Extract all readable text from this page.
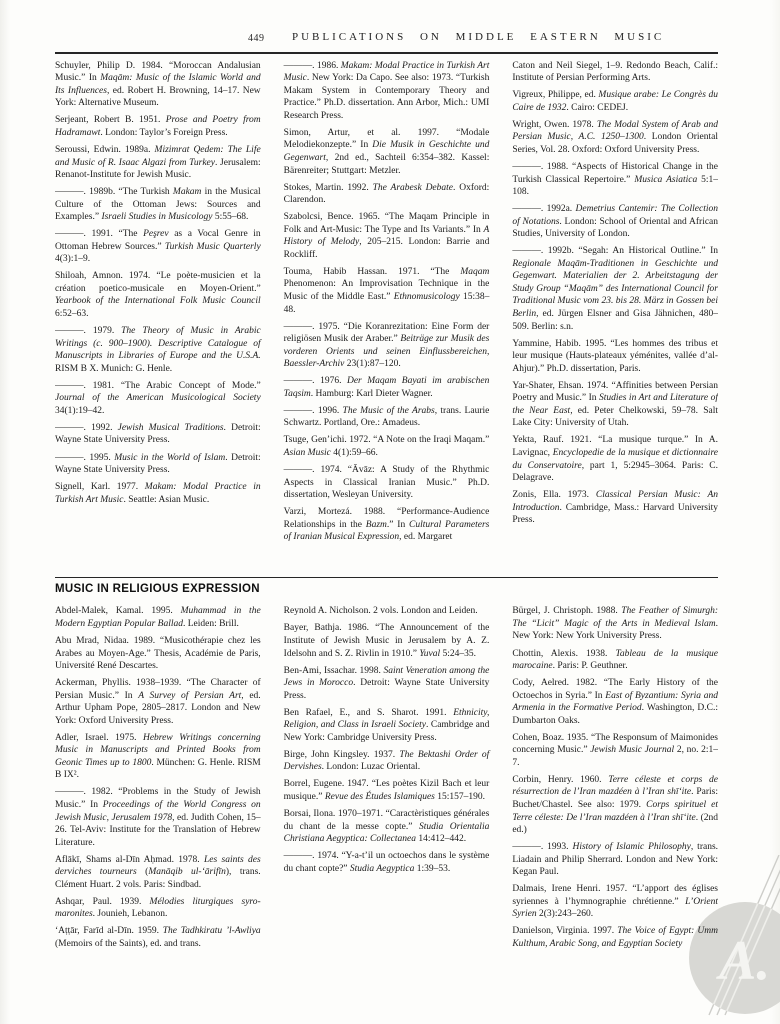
449	PUBLICATIONS ON MIDDLE EASTERN MUSIC

Schuyler, Philip D. 1984. “Moroccan Andalusian Music.” In Maqām: Music of the Islamic World and Its Influences, ed. Robert H. Browning, 14–17. New York: Alternative Museum.

Serjeant, Robert B. 1951. Prose and Poetry from Hadramawt. London: Taylor’s Foreign Press.

Seroussi, Edwin. 1989a. Mizimrat Qedem: The Life and Music of R. Isaac Algazi from Turkey. Jerusalem: Renanot-Institute for Jewish Music.

———. 1989b. “The Turkish Makam in the Musical Culture of the Ottoman Jews: Sources and Examples.” Israeli Studies in Musicology 5:55–68.

———. 1991. “The Peşrev as a Vocal Genre in Ottoman Hebrew Sources.” Turkish Music Quarterly 4(3):1–9.

Shiloah, Amnon. 1974. “Le poète-musicien et la création poetico-musicale en Moyen-Orient.” Yearbook of the International Folk Music Council 6:52–63.

———. 1979. The Theory of Music in Arabic Writings (c. 900–1900). Descriptive Catalogue of Manuscripts in Libraries of Europe and the U.S.A. RISM B X. Munich: G. Henle.

———. 1981. “The Arabic Concept of Mode.” Journal of the American Musicological Society 34(1):19–42.

———. 1992. Jewish Musical Traditions. Detroit: Wayne State University Press.

———. 1995. Music in the World of Islam. Detroit: Wayne State University Press.

Signell, Karl. 1977. Makam: Modal Practice in Turkish Art Music. Seattle: Asian Music.

———. 1986. Makam: Modal Practice in Turkish Art Music. New York: Da Capo. See also: 1973. “Turkish Makam System in Contemporary Theory and Practice.” Ph.D. dissertation. Ann Arbor, Mich.: UMI Research Press.

Simon, Artur, et al. 1997. “Modale Melodiekonzepte.” In Die Musik in Geschichte und Gegenwart, 2nd ed., Sachteil 6:354–382. Kassel: Bärenreiter; Stuttgart: Metzler.

Stokes, Martin. 1992. The Arabesk Debate. Oxford: Clarendon.

Szabolcsi, Bence. 1965. “The Maqam Principle in Folk and Art-Music: The Type and Its Variants.” In A History of Melody, 205–215. London: Barrie and Rockliff.

Touma, Habib Hassan. 1971. “The Maqam Phenomenon: An Improvisation Technique in the Music of the Middle East.” Ethnomusicology 15:38–48.

———. 1975. “Die Koranrezitation: Eine Form der religiösen Musik der Araber.” Beiträge zur Musik des vorderen Orients und seinen Einflussbereichen, Baessler-Archiv 23(1):87–120.

———. 1976. Der Maqam Bayati im arabischen Taqsim. Hamburg: Karl Dieter Wagner.

———. 1996. The Music of the Arabs, trans. Laurie Schwartz. Portland, Ore.: Amadeus.

Tsuge, Gen’ichi. 1972. “A Note on the Iraqi Maqam.” Asian Music 4(1):59–66.

———. 1974. “Āvāz: A Study of the Rhythmic Aspects in Classical Iranian Music.” Ph.D. dissertation, Wesleyan University.

Varzi, Mortezá. 1988. “Performance-Audience Relationships in the Bazm.” In Cultural Parameters of Iranian Musical Expression, ed. Margaret

Caton and Neil Siegel, 1–9. Redondo Beach, Calif.: Institute of Persian Performing Arts.

Vigreux, Philippe, ed. Musique arabe: Le Congrès du Caire de 1932. Cairo: CEDEJ.

Wright, Owen. 1978. The Modal System of Arab and Persian Music, A.C. 1250–1300. London Oriental Series, Vol. 28. Oxford: Oxford University Press.

———. 1988. “Aspects of Historical Change in the Turkish Classical Repertoire.” Musica Asiatica 5:1–108.

———. 1992a. Demetrius Cantemir: The Collection of Notations. London: School of Oriental and African Studies, University of London.

———. 1992b. “Segah: An Historical Outline.” In Regionale Maqām-Traditionen in Geschichte und Gegenwart. Materialien der 2. Arbeitstagung der Study Group “Maqām” des International Council for Traditional Music vom 23. bis 28. März in Gossen bei Berlin, ed. Jürgen Elsner and Gisa Jähnichen, 480–509. Berlin: s.n.

Yammine, Habib. 1995. “Les hommes des tribus et leur musique (Hauts-plateaux yéménites, vallée d’al-Ahjur).” Ph.D. dissertation, Paris.

Yar-Shater, Ehsan. 1974. “Affinities between Persian Poetry and Music.” In Studies in Art and Literature of the Near East, ed. Peter Chelkowski, 59–78. Salt Lake City: University of Utah.

Yekta, Rauf. 1921. “La musique turque.” In A. Lavignac, Encyclopedie de la musique et dictionnaire du Conservatoire, part 1, 5:2945–3064. Paris: C. Delagrave.

Zonis, Ella. 1973. Classical Persian Music: An Introduction. Cambridge, Mass.: Harvard University Press.

MUSIC IN RELIGIOUS EXPRESSION

Abdel-Malek, Kamal. 1995. Muhammad in the Modern Egyptian Popular Ballad. Leiden: Brill.

Abu Mrad, Nidaa. 1989. “Musicothérapie chez les Arabes au Moyen-Age.” Thesis, Académie de Paris, Université René Descartes.

Ackerman, Phyllis. 1938–1939. “The Character of Persian Music.” In A Survey of Persian Art, ed. Arthur Upham Pope, 2805–2817. London and New York: Oxford University Press.

Adler, Israel. 1975. Hebrew Writings concerning Music in Manuscripts and Printed Books from Geonic Times up to 1800. München: G. Henle. RISM B IX².

———. 1982. “Problems in the Study of Jewish Music.” In Proceedings of the World Congress on Jewish Music, Jerusalem 1978, ed. Judith Cohen, 15–26. Tel-Aviv: Institute for the Translation of Hebrew Literature.

Aflākī, Shams al-Dīn Aḥmad. 1978. Les saints des derviches tourneurs (Manāqib ul-‘ārifīn), trans. Clément Huart. 2 vols. Paris: Sindbad.

Ashqar, Paul. 1939. Mélodies liturgiques syro-maronites. Jounieh, Lebanon.

‘Aṭṭār, Farīd al-Dīn. 1959. The Tadhkiratu ’l-Awliya (Memoirs of the Saints), ed. and trans.

Reynold A. Nicholson. 2 vols. London and Leiden.

Bayer, Bathja. 1986. “The Announcement of the Institute of Jewish Music in Jerusalem by A. Z. Idelsohn and S. Z. Rivlin in 1910.” Yuval 5:24–35.

Ben-Ami, Issachar. 1998. Saint Veneration among the Jews in Morocco. Detroit: Wayne State University Press.

Ben Rafael, E., and S. Sharot. 1991. Ethnicity, Religion, and Class in Israeli Society. Cambridge and New York: Cambridge University Press.

Birge, John Kingsley. 1937. The Bektashi Order of Dervishes. London: Luzac Oriental.

Borrel, Eugene. 1947. “Les poètes Kizil Bach et leur musique.” Revue des Études Islamiques 15:157–190.

Borsai, Ilona. 1970–1971. “Caractèristiques générales du chant de la messe copte.” Studia Orientalia Christiana Aegyptica: Collectanea 14:412–442.

———. 1974. “Y-a-t’il un octoechos dans le système du chant copte?” Studia Aegyptica 1:39–53.

Bürgel, J. Christoph. 1988. The Feather of Simurgh: The “Licit” Magic of the Arts in Medieval Islam. New York: New York University Press.

Chottin, Alexis. 1938. Tableau de la musique marocaine. Paris: P. Geuthner.

Cody, Aelred. 1982. “The Early History of the Octoechos in Syria.” In East of Byzantium: Syria and Armenia in the Formative Period. Washington, D.C.: Dumbarton Oaks.

Cohen, Boaz. 1935. “The Responsum of Maimonides concerning Music.” Jewish Music Journal 2, no. 2:1–7.

Corbin, Henry. 1960. Terre céleste et corps de résurrection de l’Iran mazdéen à l’Iran shī‘ite. Paris: Buchet/Chastel. See also: 1979. Corps spirituel et Terre céleste: De l’Iran mazdéen à l’Iran shī‘ite. (2nd ed.)

———. 1993. History of Islamic Philosophy, trans. Liadain and Philip Sherrard. London and New York: Kegan Paul.

Dalmais, Irene Henri. 1957. “L’apport des églises syriennes à l’hymnographie chrétienne.” L’Orient Syrien 2(3):243–260.

Danielson, Virginia. 1997. The Voice of Egypt: Umm Kulthum, Arabic Song, and Egyptian Society A.
